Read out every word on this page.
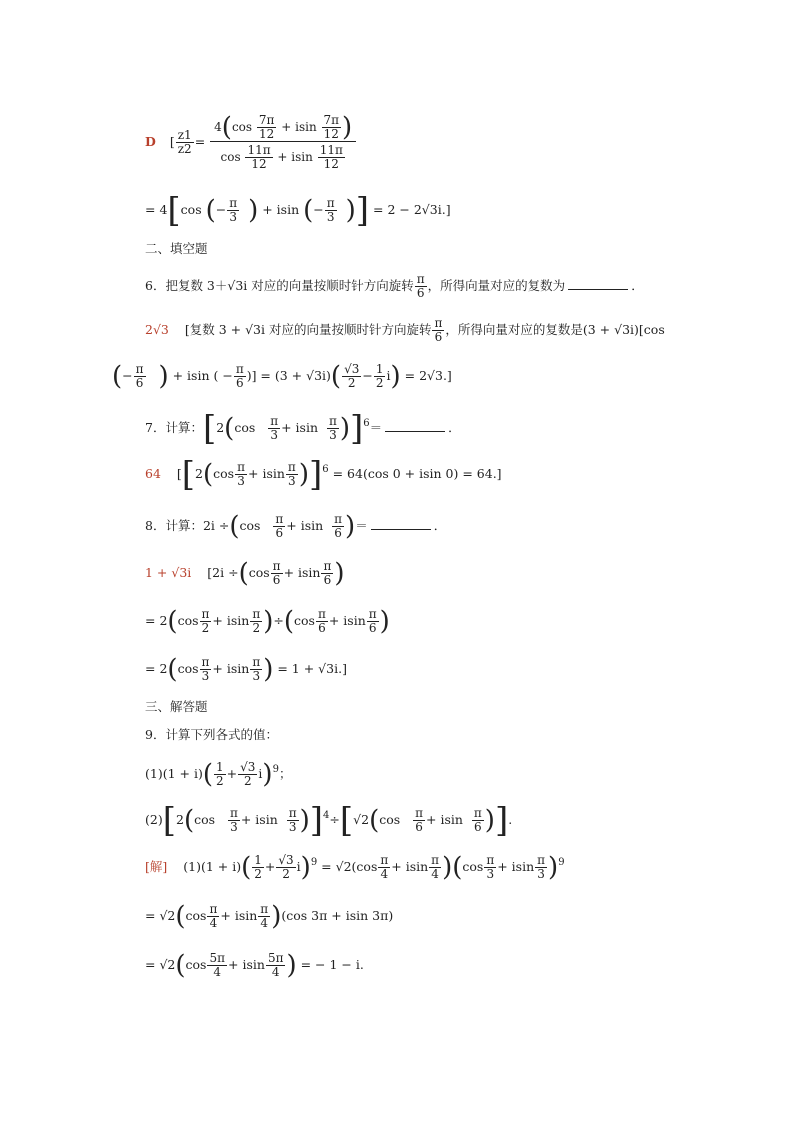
D [ $\frac{z1}{z2} = \frac{4(\cos \frac{7\pi}{12} + isin \frac{7\pi}{12} )}{\cos \frac{11\pi}{12} + isin \frac{11\pi}{12}}$
= 4[cos (− $\frac{\pi}{3}$ ) + isin (− $\frac{\pi}{3}$ )] = 2 − 2√3i.]
二、填空题
6．把复数 3＋√3i 对应的向量按顺时针方向旋转 $\frac{\pi}{6}$ ，所得向量对应的复数为	．
2√3 [复数 3 + √3i 对应的向量按顺时针方向旋转 $\frac{\pi}{6}$ ，所得向量对应的复数是(3 + √3i)[cos
(− $\frac{\pi}{6}$ ) + isin ( − $\frac{\pi}{6}$ )] = $(3 + √3i)( \frac{√3}{2} - \frac{1}{2} i) = 2√3$.]
7．计算：$[2(\cos \frac{\pi}{3} + isin \frac{\pi}{3} )]^6=$	．
64 [$[2(\cos \frac{\pi}{3} + isin \frac{\pi}{3} )]^6 = 64(\cos$ 0 + isin 0) = 64.]
8．计算：$2i \div(\cos \frac{\pi}{6} + isin \frac{\pi}{6}$ )＝	．
1 + √3i [$2i \div(\cos \frac{\pi}{6} + isin \frac{\pi}{6}$ )
= $2(\cos \frac{\pi}{2} + isin \frac{\pi}{2} )\div(\cos \frac{\pi}{6} + isin \frac{\pi}{6}$ )
= $2(\cos \frac{\pi}{3} + isin \frac{\pi}{3}$ ) = 1 + √3i.]
三、解答题
9．计算下列各式的值：
$(1)(1 + i)( \frac{1}{2} + \frac{√3}{2} i)^9$；
$(2)[2(\cos \frac{\pi}{3} + isin \frac{\pi}{3} )]^4\div[√2(\cos \frac{\pi}{6} + isin \frac{\pi}{6}$ )].
[解] $(1)(1 + i)( \frac{1}{2} + \frac{√3}{2} i)^9 = √2(\cos \frac{\pi}{4} + isin \frac{\pi}{4} )(\cos \frac{\pi}{3} + isin \frac{\pi}{3} )^9$
= $√2(\cos \frac{\pi}{4} + isin \frac{\pi}{4} )(\cos$ 3π + isin 3π)
= $√2(\cos \frac{5\pi}{4} + isin \frac{5\pi}{4}$ ) = − 1 − i.
